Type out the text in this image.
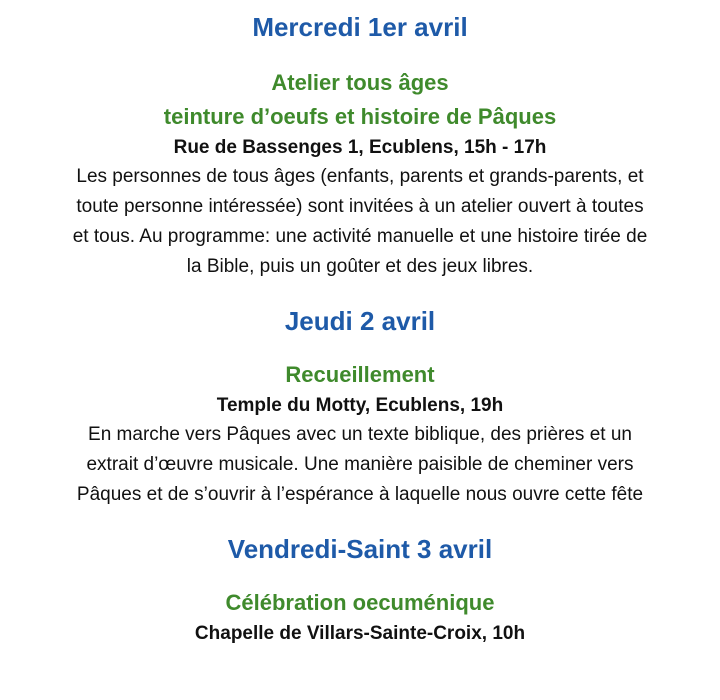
Mercredi 1er avril
Atelier tous âges
teinture d’oeufs et histoire de Pâques

Rue de Bassenges 1, Ecublens, 15h - 17h

Les personnes de tous âges (enfants, parents et grands-parents, et
toute personne intéressée) sont invitées à un atelier ouvert à toutes
et tous. Au programme: une activité manuelle et une histoire tirée de
la Bible, puis un goûter et des jeux libres.
Jeudi 2 avril
Recueillement

Temple du Motty, Ecublens, 19h

En marche vers Pâques avec un texte biblique, des prières et un
extrait d’œuvre musicale. Une manière paisible de cheminer vers
Pâques et de s’ouvrir à l’espérance à laquelle nous ouvre cette fête
Vendredi-Saint 3 avril
Célébration oecuménique

Chapelle de Villars-Sainte-Croix, 10h
